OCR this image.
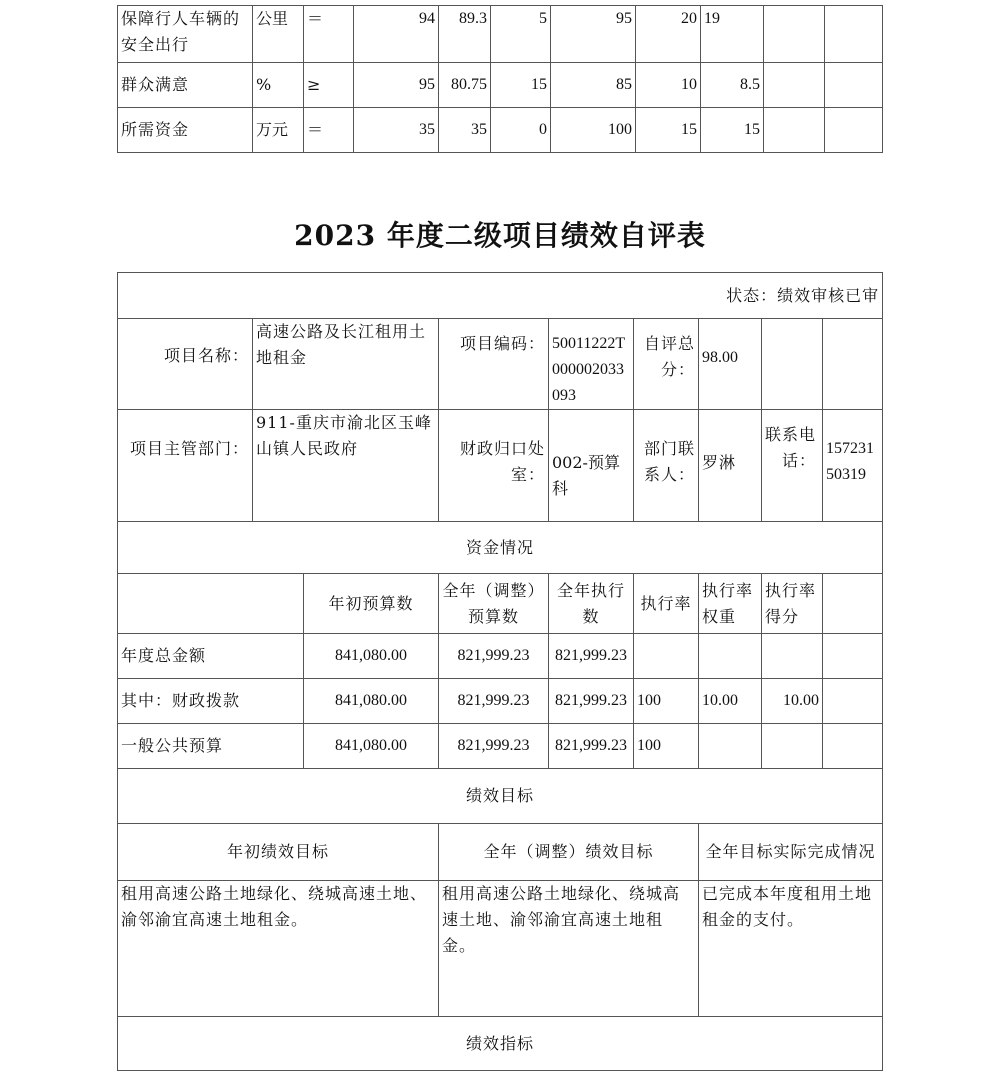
保障行人车辆的安全出行	公里	＝	94	89.3	5	95	20	19		
群众满意	%	≥	95	80.75	15	85	10	8.5		
所需资金	万元	＝	35	35	0	100	15	15		
2023 年度二级项目绩效自评表
状态：绩效审核已审								
项目名称：	高速公路及长江租用土地租金		项目编码：	50011222T000002033093	自评总分：	98.00		
项目主管部门：	911-重庆市渝北区玉峰山镇人民政府		财政归口处室：	002-预算科	部门联系人：	罗淋	联系电话：	15723150319
资金情况								
		年初预算数	全年（调整）预算数	全年执行数	执行率	执行率权重	执行率得分	
年度总金额		841,080.00	821,999.23	821,999.23				
其中：财政拨款		841,080.00	821,999.23	821,999.23	100	10.00	10.00	
一般公共预算		841,080.00	821,999.23	821,999.23	100			
绩效目标								
年初绩效目标			全年（调整）绩效目标			全年目标实际完成情况		
租用高速公路土地绿化、绕城高速土地、渝邻渝宜高速土地租金。			租用高速公路土地绿化、绕城高速土地、渝邻渝宜高速土地租金。			已完成本年度租用土地租金的支付。		
绩效指标								
